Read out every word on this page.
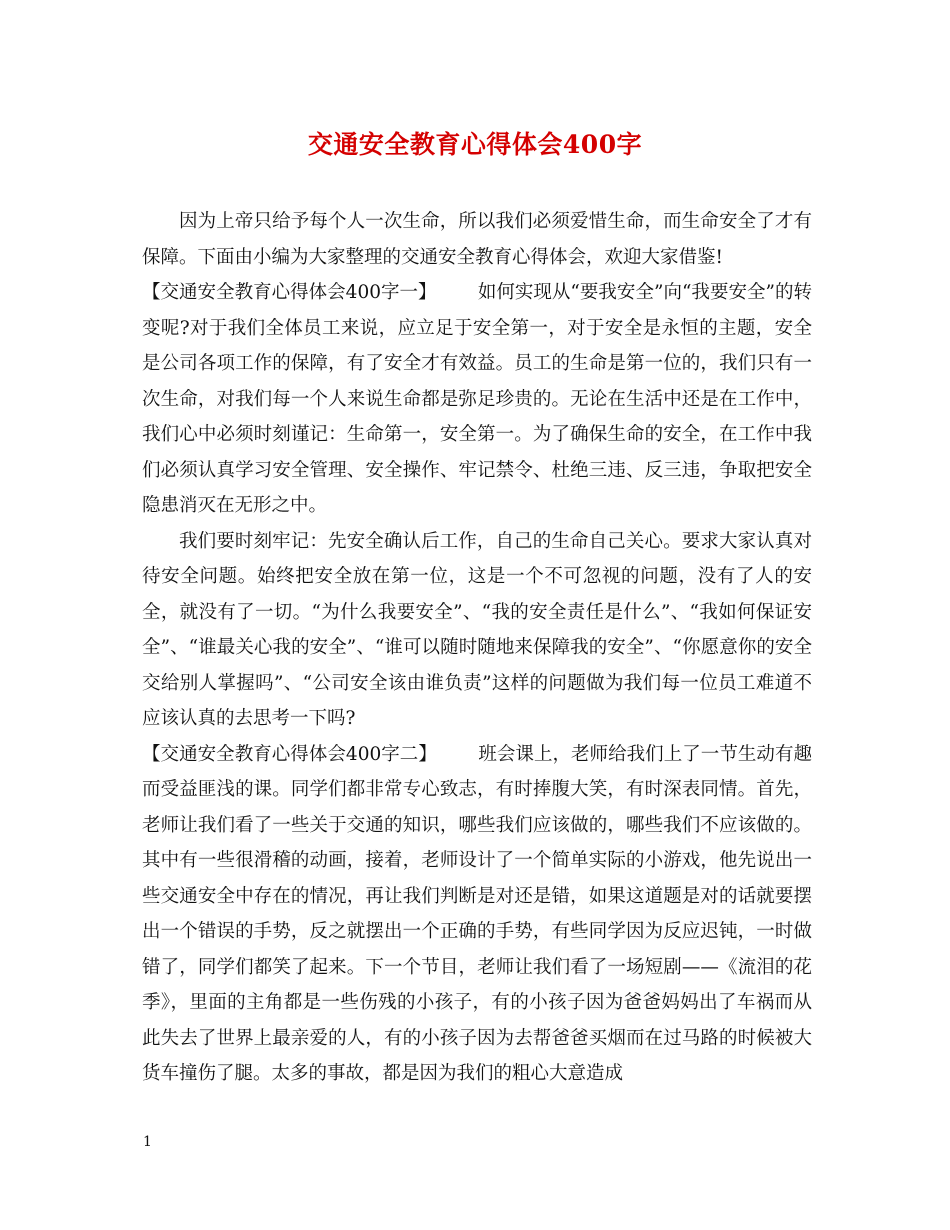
交通安全教育心得体会400字

因为上帝只给予每个人一次生命，所以我们必须爱惜生命，而生命安全了才有保障。下面由小编为大家整理的交通安全教育心得体会，欢迎大家借鉴!

【交通安全教育心得体会400字一】 如何实现从“要我安全”向“我要安全”的转变呢?对于我们全体员工来说，应立足于安全第一，对于安全是永恒的主题，安全是公司各项工作的保障，有了安全才有效益。员工的生命是第一位的，我们只有一次生命，对我们每一个人来说生命都是弥足珍贵的。无论在生活中还是在工作中，我们心中必须时刻谨记：生命第一，安全第一。为了确保生命的安全，在工作中我们必须认真学习安全管理、安全操作、牢记禁令、杜绝三违、反三违，争取把安全隐患消灭在无形之中。

我们要时刻牢记：先安全确认后工作，自己的生命自己关心。要求大家认真对待安全问题。始终把安全放在第一位，这是一个不可忽视的问题，没有了人的安全，就没有了一切。“为什么我要安全”、“我的安全责任是什么”、“我如何保证安全”、“谁最关心我的安全”、“谁可以随时随地来保障我的安全”、“你愿意你的安全交给别人掌握吗”、“公司安全该由谁负责”这样的问题做为我们每一位员工难道不应该认真的去思考一下吗?

【交通安全教育心得体会400字二】 班会课上，老师给我们上了一节生动有趣而受益匪浅的课。同学们都非常专心致志，有时捧腹大笑，有时深表同情。首先，老师让我们看了一些关于交通的知识，哪些我们应该做的，哪些我们不应该做的。其中有一些很滑稽的动画，接着，老师设计了一个简单实际的小游戏，他先说出一些交通安全中存在的情况，再让我们判断是对还是错，如果这道题是对的话就要摆出一个错误的手势，反之就摆出一个正确的手势，有些同学因为反应迟钝，一时做错了，同学们都笑了起来。下一个节目，老师让我们看了一场短剧——《流泪的花季》，里面的主角都是一些伤残的小孩子，有的小孩子因为爸爸妈妈出了车祸而从此失去了世界上最亲爱的人，有的小孩子因为去帮爸爸买烟而在过马路的时候被大货车撞伤了腿。太多的事故，都是因为我们的粗心大意造成

1
